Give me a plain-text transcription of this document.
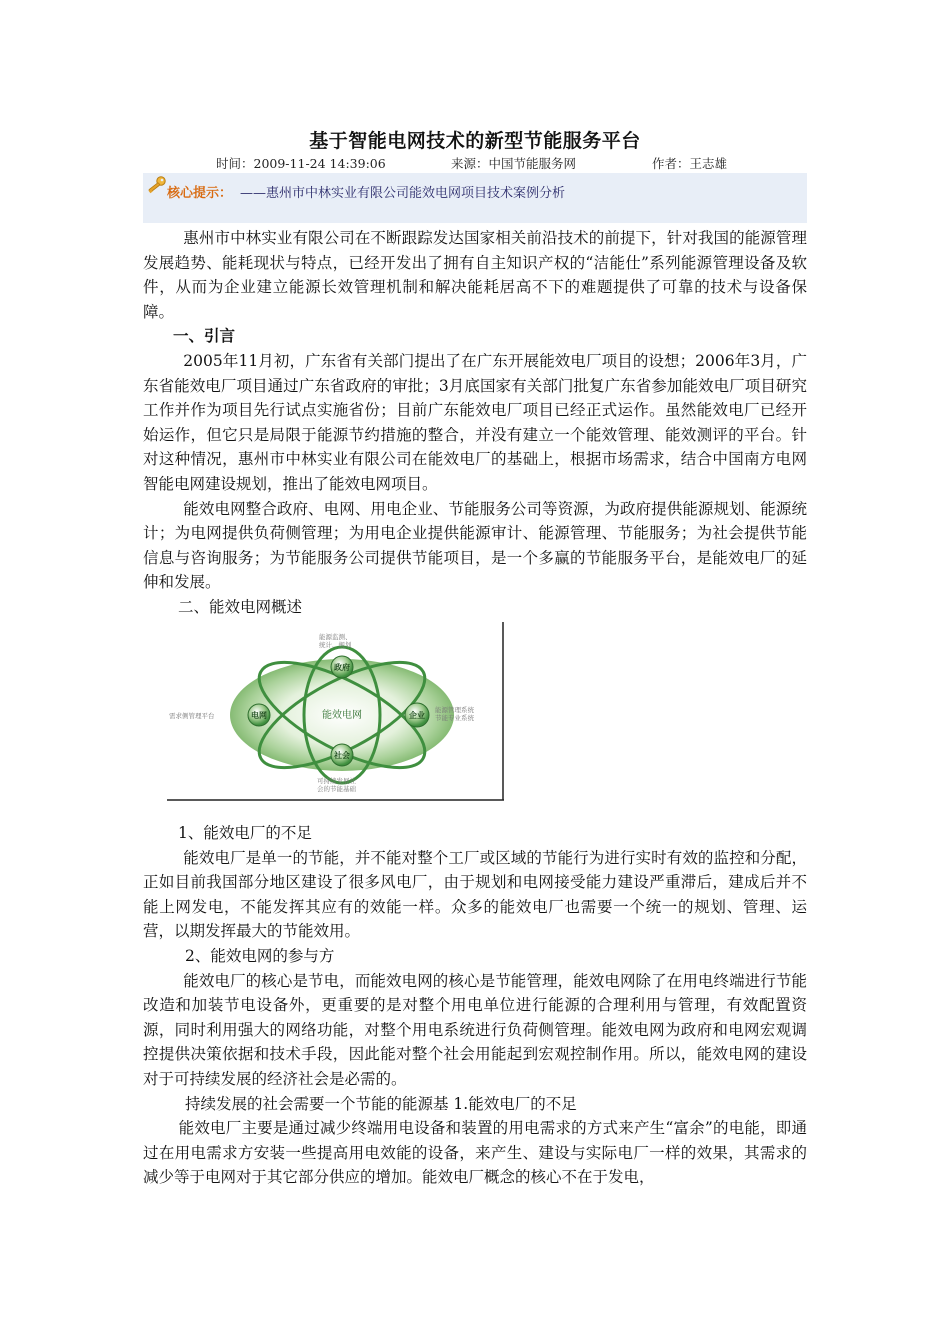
基于智能电网技术的新型节能服务平台
时间：2009-11-24 14:39:06	来源：中国节能服务网	作者：王志雄
核心提示： ——惠州市中林实业有限公司能效电网项目技术案例分析

惠州市中林实业有限公司在不断跟踪发达国家相关前沿技术的前提下，针对我国的能源管理发展趋势、能耗现状与特点，已经开发出了拥有自主知识产权的“洁能仕”系列能源管理设备及软件，从而为企业建立能源长效管理机制和解决能耗居高不下的难题提供了可靠的技术与设备保障。

一、引言

2005年11月初，广东省有关部门提出了在广东开展能效电厂项目的设想；2006年3月，广东省能效电厂项目通过广东省政府的审批；3月底国家有关部门批复广东省参加能效电厂项目研究工作并作为项目先行试点实施省份；目前广东能效电厂项目已经正式运作。虽然能效电厂已经开始运作，但它只是局限于能源节约措施的整合，并没有建立一个能效管理、能效测评的平台。针对这种情况，惠州市中林实业有限公司在能效电厂的基础上，根据市场需求，结合中国南方电网智能电网建设规划，推出了能效电网项目。

能效电网整合政府、电网、用电企业、节能服务公司等资源，为政府提供能源规划、能源统计；为电网提供负荷侧管理；为用电企业提供能源审计、能源管理、节能服务；为社会提供节能信息与咨询服务；为节能服务公司提供节能项目，是一个多赢的节能服务平台，是能效电厂的延伸和发展。

二、能效电网概述

能效电网
政府
电网	企业
社会
能源监测、
统计、规划
需求侧管理平台
能源管理系统
节能专业系统
可持续发展社
会的节能基础

1、能效电厂的不足

能效电厂是单一的节能，并不能对整个工厂或区域的节能行为进行实时有效的监控和分配，正如目前我国部分地区建设了很多风电厂，由于规划和电网接受能力建设严重滞后，建成后并不能上网发电，不能发挥其应有的效能一样。众多的能效电厂也需要一个统一的规划、管理、运营，以期发挥最大的节能效用。

2、能效电网的参与方

能效电厂的核心是节电，而能效电网的核心是节能管理，能效电网除了在用电终端进行节能改造和加装节电设备外，更重要的是对整个用电单位进行能源的合理利用与管理，有效配置资源，同时利用强大的网络功能，对整个用电系统进行负荷侧管理。能效电网为政府和电网宏观调控提供决策依据和技术手段，因此能对整个社会用能起到宏观控制作用。所以，能效电网的建设对于可持续发展的经济社会是必需的。

持续发展的社会需要一个节能的能源基 1.能效电厂的不足

能效电厂主要是通过减少终端用电设备和装置的用电需求的方式来产生“富余”的电能，即通过在用电需求方安装一些提高用电效能的设备，来产生、建设与实际电厂一样的效果，其需求的减少等于电网对于其它部分供应的增加。能效电厂概念的核心不在于发电，
